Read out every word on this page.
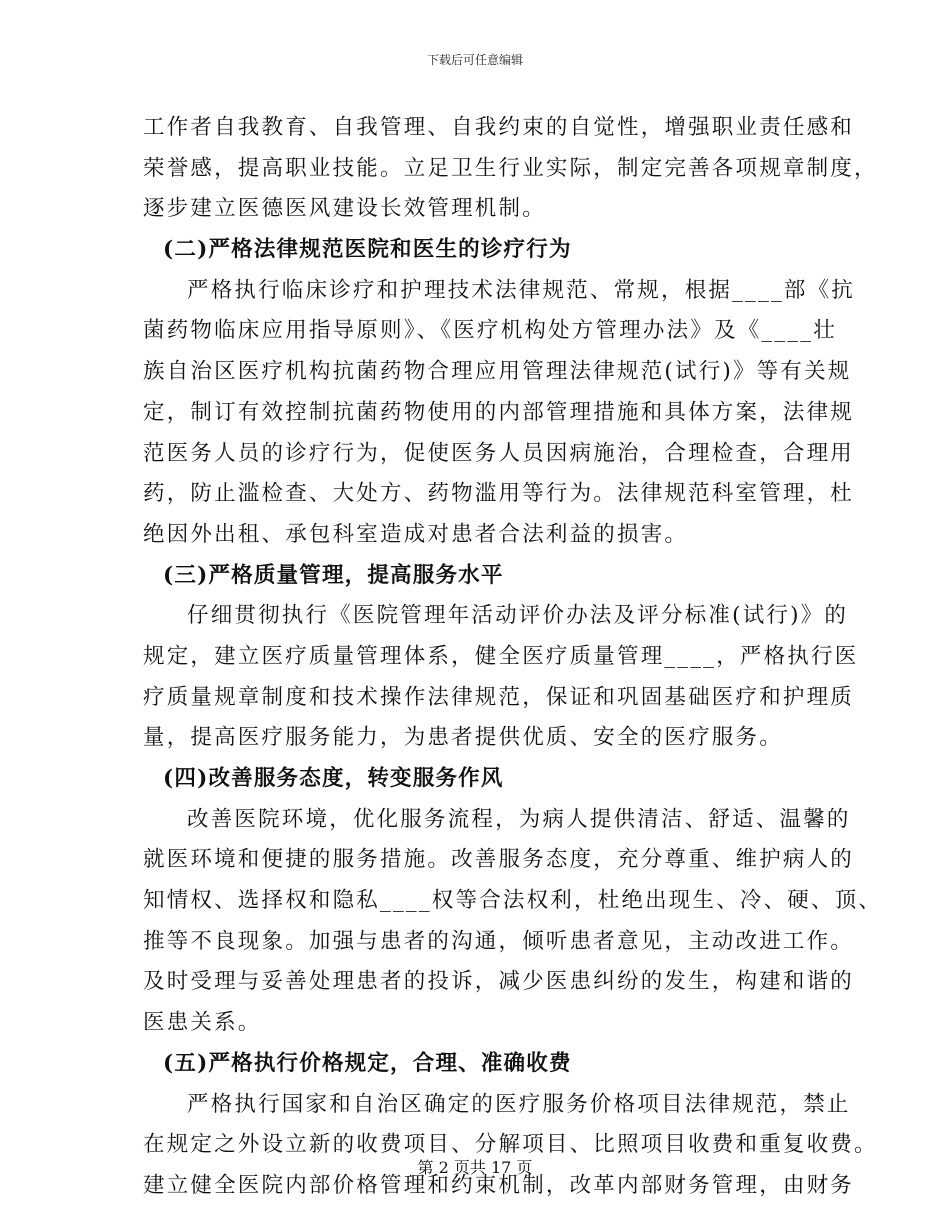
下载后可任意编辑
工作者自我教育、自我管理、自我约束的自觉性，增强职业责任感和
荣誉感，提高职业技能。立足卫生行业实际，制定完善各项规章制度，
逐步建立医德医风建设长效管理机制。
(二)严格法律规范医院和医生的诊疗行为
严格执行临床诊疗和护理技术法律规范、常规，根据____部《抗
菌药物临床应用指导原则》、《医疗机构处方管理办法》及《____壮
族自治区医疗机构抗菌药物合理应用管理法律规范(试行)》等有关规
定，制订有效控制抗菌药物使用的内部管理措施和具体方案，法律规
范医务人员的诊疗行为，促使医务人员因病施治，合理检查，合理用
药，防止滥检查、大处方、药物滥用等行为。法律规范科室管理，杜
绝因外出租、承包科室造成对患者合法利益的损害。
(三)严格质量管理，提高服务水平
仔细贯彻执行《医院管理年活动评价办法及评分标准(试行)》的
规定，建立医疗质量管理体系，健全医疗质量管理____，严格执行医
疗质量规章制度和技术操作法律规范，保证和巩固基础医疗和护理质
量，提高医疗服务能力，为患者提供优质、安全的医疗服务。
(四)改善服务态度，转变服务作风
改善医院环境，优化服务流程，为病人提供清洁、舒适、温馨的
就医环境和便捷的服务措施。改善服务态度，充分尊重、维护病人的
知情权、选择权和隐私____权等合法权利，杜绝出现生、冷、硬、顶、
推等不良现象。加强与患者的沟通，倾听患者意见，主动改进工作。
及时受理与妥善处理患者的投诉，减少医患纠纷的发生，构建和谐的
医患关系。
(五)严格执行价格规定，合理、准确收费
严格执行国家和自治区确定的医疗服务价格项目法律规范，禁止
在规定之外设立新的收费项目、分解项目、比照项目收费和重复收费。
建立健全医院内部价格管理和约束机制，改革内部财务管理，由财务
第 2 页共 17 页
